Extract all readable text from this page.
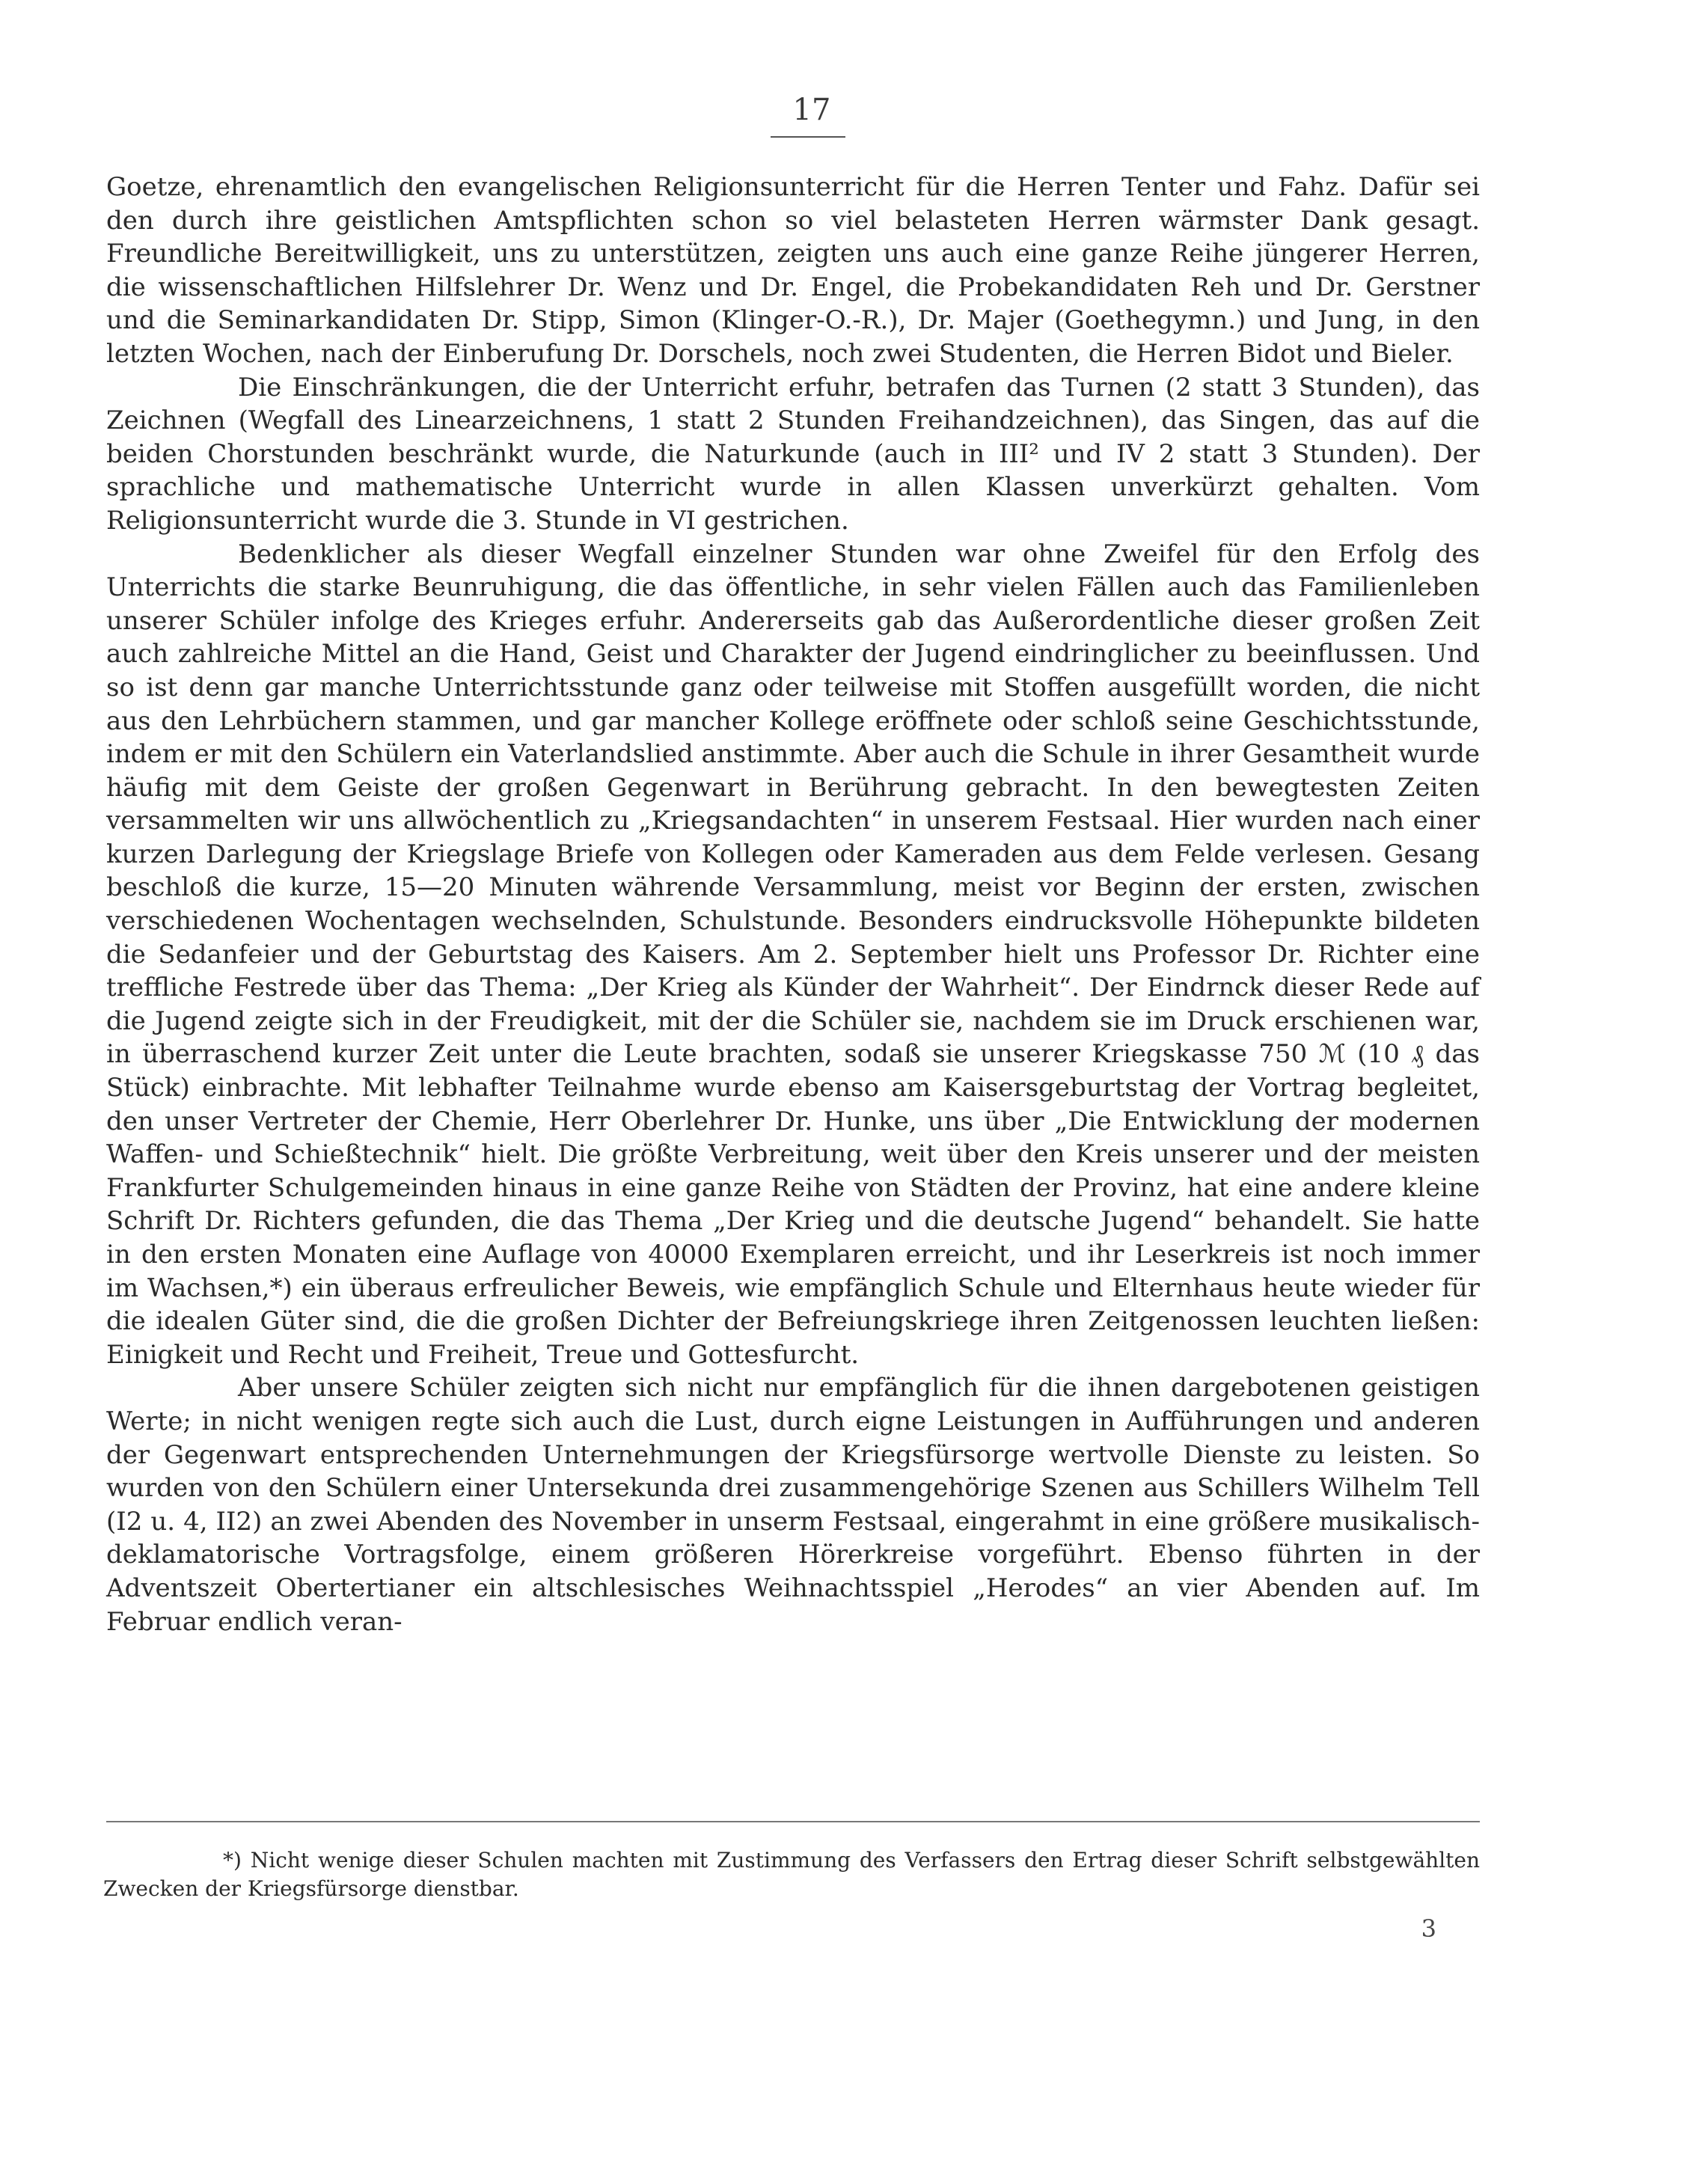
17

Goetze, ehrenamtlich den evangelischen Religionsunterricht für die Herren Tenter und Fahz. Dafür sei den durch ihre geistlichen Amtspflichten schon so viel belasteten Herren wärmster Dank gesagt. Freundliche Bereitwilligkeit, uns zu unterstützen, zeigten uns auch eine ganze Reihe jüngerer Herren, die wissenschaftlichen Hilfslehrer Dr. Wenz und Dr. Engel, die Probekandidaten Reh und Dr. Gerstner und die Seminarkandidaten Dr. Stipp, Simon (Klinger-O.-R.), Dr. Majer (Goethegymn.) und Jung, in den letzten Wochen, nach der Einberufung Dr. Dorschels, noch zwei Studenten, die Herren Bidot und Bieler.

Die Einschränkungen, die der Unterricht erfuhr, betrafen das Turnen (2 statt 3 Stunden), das Zeichnen (Wegfall des Linearzeichnens, 1 statt 2 Stunden Freihandzeichnen), das Singen, das auf die beiden Chorstunden beschränkt wurde, die Naturkunde (auch in III² und IV 2 statt 3 Stunden). Der sprachliche und mathematische Unterricht wurde in allen Klassen unverkürzt gehalten. Vom Religionsunterricht wurde die 3. Stunde in VI gestrichen.

Bedenklicher als dieser Wegfall einzelner Stunden war ohne Zweifel für den Erfolg des Unterrichts die starke Beunruhigung, die das öffentliche, in sehr vielen Fällen auch das Familienleben unserer Schüler infolge des Krieges erfuhr. Andererseits gab das Außerordentliche dieser großen Zeit auch zahlreiche Mittel an die Hand, Geist und Charakter der Jugend eindringlicher zu beeinflussen. Und so ist denn gar manche Unterrichtsstunde ganz oder teilweise mit Stoffen ausgefüllt worden, die nicht aus den Lehrbüchern stammen, und gar mancher Kollege eröffnete oder schloß seine Geschichtsstunde, indem er mit den Schülern ein Vaterlandslied anstimmte. Aber auch die Schule in ihrer Gesamtheit wurde häufig mit dem Geiste der großen Gegenwart in Berührung gebracht. In den bewegtesten Zeiten versammelten wir uns allwöchentlich zu „Kriegsandachten“ in unserem Festsaal. Hier wurden nach einer kurzen Darlegung der Kriegslage Briefe von Kollegen oder Kameraden aus dem Felde verlesen. Gesang beschloß die kurze, 15—20 Minuten währende Versammlung, meist vor Beginn der ersten, zwischen verschiedenen Wochentagen wechselnden, Schulstunde. Besonders eindrucksvolle Höhepunkte bildeten die Sedanfeier und der Geburtstag des Kaisers. Am 2. September hielt uns Professor Dr. Richter eine treffliche Festrede über das Thema: „Der Krieg als Künder der Wahrheit“. Der Eindrnck dieser Rede auf die Jugend zeigte sich in der Freudigkeit, mit der die Schüler sie, nachdem sie im Druck erschienen war, in überraschend kurzer Zeit unter die Leute brachten, sodaß sie unserer Kriegskasse 750 ℳ (10 ₰ das Stück) einbrachte. Mit lebhafter Teilnahme wurde ebenso am Kaisersgeburtstag der Vortrag begleitet, den unser Vertreter der Chemie, Herr Oberlehrer Dr. Hunke, uns über „Die Entwicklung der modernen Waffen- und Schießtechnik“ hielt. Die größte Verbreitung, weit über den Kreis unserer und der meisten Frankfurter Schulgemeinden hinaus in eine ganze Reihe von Städten der Provinz, hat eine andere kleine Schrift Dr. Richters gefunden, die das Thema „Der Krieg und die deutsche Jugend“ behandelt. Sie hatte in den ersten Monaten eine Auflage von 40000 Exemplaren erreicht, und ihr Leserkreis ist noch immer im Wachsen,*) ein überaus erfreulicher Beweis, wie empfänglich Schule und Elternhaus heute wieder für die idealen Güter sind, die die großen Dichter der Befreiungskriege ihren Zeitgenossen leuchten ließen: Einigkeit und Recht und Freiheit, Treue und Gottesfurcht.

Aber unsere Schüler zeigten sich nicht nur empfänglich für die ihnen dargebotenen geistigen Werte; in nicht wenigen regte sich auch die Lust, durch eigne Leistungen in Aufführungen und anderen der Gegenwart entsprechenden Unternehmungen der Kriegsfürsorge wertvolle Dienste zu leisten. So wurden von den Schülern einer Untersekunda drei zusammengehörige Szenen aus Schillers Wilhelm Tell (I2 u. 4, II2) an zwei Abenden des November in unserm Festsaal, eingerahmt in eine größere musikalisch-deklamatorische Vortragsfolge, einem größeren Hörerkreise vorgeführt. Ebenso führten in der Adventszeit Obertertianer ein altschlesisches Weihnachtsspiel „Herodes“ an vier Abenden auf. Im Februar endlich veran-

*) Nicht wenige dieser Schulen machten mit Zustimmung des Verfassers den Ertrag dieser Schrift selbstgewählten Zwecken der Kriegsfürsorge dienstbar.
3
